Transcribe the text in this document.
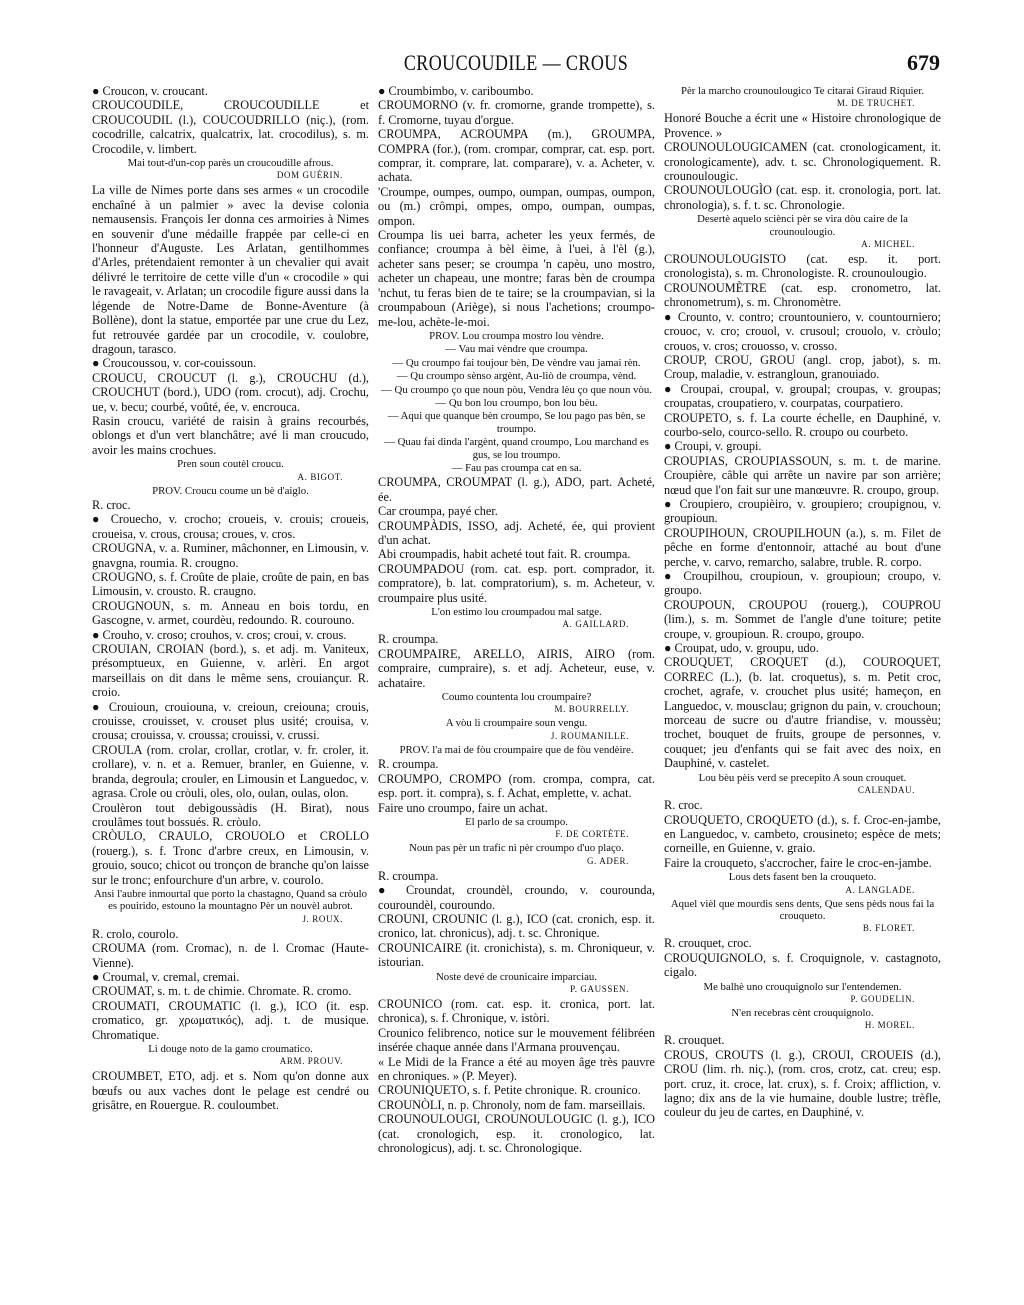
CROUCOUDILE — CROUS	679

● Croucon, v. croucant.

CROUCOUDILE, CROUCOUDILLE et CROUCOUDIL (l.), COUCOUDRILLO (niç.), (rom. cocodrille, calcatrix, qualcatrix, lat. crocodilus), s. m. Crocodile, v. limbert.

Mai tout-d'un-cop parès un croucoudille afrous.

DOM GUÉRIN.

La ville de Nimes porte dans ses armes « un crocodile enchaîné à un palmier » avec la devise colonia nemausensis. François Ier donna ces armoiries à Nimes en souvenir d'une médaille frappée par celle-ci en l'honneur d'Auguste. Les Arlatan, gentilhommes d'Arles, prétendaient remonter à un chevalier qui avait délivré le territoire de cette ville d'un « crocodile » qui le ravageait, v. Arlatan; un crocodile figure aussi dans la légende de Notre-Dame de Bonne-Aventure (à Bollène), dont la statue, emportée par une crue du Lez, fut retrouvée gardée par un crocodile, v. coulobre, dragoun, tarasco.

● Croucoussou, v. cor-couissoun.

CROUCU, CROUCUT (l. g.), CROUCHU (d.), CROUCHUT (bord.), UDO (rom. crocut), adj. Crochu, ue, v. becu; courbé, voûté, ée, v. encrouca.

Rasin croucu, variété de raisin à grains recourbés, oblongs et d'un vert blanchâtre; avé li man croucudo, avoir les mains crochues.

Pren soun coutèl croucu.

A. BIGOT.

PROV. Croucu coume un bè d'aiglo.

R. croc.

● Crouecho, v. crocho; croueis, v. crouis; croueis, croueisa, v. crous, crousa; croues, v. cros.

CROUGNA, v. a. Ruminer, mâchonner, en Limousin, v. gnavgna, roumia. R. crougno.

CROUGNO, s. f. Croûte de plaie, croûte de pain, en bas Limousin, v. crousto. R. craugno.

CROUGNOUN, s. m. Anneau en bois tordu, en Gascogne, v. armet, courdèu, redoundo. R. courouno.

● Crouho, v. croso; crouhos, v. cros; croui, v. crous.

CROUIAN, CROIAN (bord.), s. et adj. m. Vaniteux, présomptueux, en Guienne, v. arlèri. En argot marseillais on dit dans le même sens, crouiançur. R. croio.

● Crouioun, crouiouna, v. creioun, creiouna; crouis, crouisse, crouisset, v. crouset plus usité; crouisa, v. crousa; crouissa, v. croussa; crouissi, v. crussi.

CROULA (rom. crolar, crollar, crotlar, v. fr. croler, it. crollare), v. n. et a. Remuer, branler, en Guienne, v. branda, degroula; crouler, en Limousin et Languedoc, v. agrasa. Crole ou cròuli, oles, olo, oulan, oulas, olon.

Croulèron tout debigoussàdis (H. Birat), nous croulâmes tout bossués. R. cròulo.

CRÒULO, CRAULO, CROUOLO et CROLLO (rouerg.), s. f. Tronc d'arbre creux, en Limousin, v. grouio, souco; chicot ou tronçon de branche qu'on laisse sur le tronc; enfourchure d'un arbre, v. courolo.

Ansi l'aubre inmourtal que porto la chastagno, Quand sa cròulo es pouirido, estouno la mountagno Pèr un nouvèl aubrot.

J. ROUX.

R. crolo, courolo.

CROUMA (rom. Cromac), n. de l. Cromac (Haute-Vienne).

● Croumal, v. cremal, cremai.

CROUMAT, s. m. t. de chimie. Chromate. R. cromo.

CROUMATI, CROUMATIC (l. g.), ICO (it. esp. cromatico, gr. χρωματικός), adj. t. de musique. Chromatique.

Li douge noto de la gamo croumatico.

ARM. PROUV.

CROUMBET, ETO, adj. et s. Nom qu'on donne aux bœufs ou aux vaches dont le pelage est cendré ou grisâtre, en Rouergue. R. couloumbet.

● Croumbimbo, v. cariboumbo.

CROUMORNO (v. fr. cromorne, grande trompette), s. f. Cromorne, tuyau d'orgue.

CROUMPA, ACROUMPA (m.), GROUMPA, COMPRA (for.), (rom. crompar, comprar, cat. esp. port. comprar, it. comprare, lat. comparare), v. a. Acheter, v. achata.

'Croumpe, oumpes, oumpo, oumpan, oumpas, oumpon, ou (m.) crômpi, ompes, ompo, oumpan, oumpas, ompon.

Croumpa lis uei barra, acheter les yeux fermés, de confiance; croumpa à bèl èime, à l'uei, à l'èl (g.), acheter sans peser; se croumpa 'n capèu, uno mostro, acheter un chapeau, une montre; faras bèn de croumpa 'nchut, tu feras bien de te taire; se la croumpavian, si la croumpaboun (Ariège), si nous l'achetions; croumpo-me-lou, achète-le-moi.

PROV. Lou croumpa mostro lou vèndre.

— Vau mai vèndre que croumpa.

— Qu croumpo fai toujour bèn, De vèndre vau jamai rèn.

— Qu croumpo sènso argènt, Au-liò de croumpa, vènd.

— Qu croumpo ço que noun pòu, Vendra lèu ço que noun vòu.

— Qu bon lou croumpo, bon lou bèu.

— Aqui que quanque bèn croumpo, Se lou pago pas bèn, se troumpo.

— Quau fai dinda l'argènt, quand croumpo, Lou marchand es gus, se lou troumpo.

— Fau pas croumpa cat en sa.

CROUMPA, CROUMPAT (l. g.), ADO, part. Acheté, ée.

Car croumpa, payé cher.

CROUMPÀDIS, ISSO, adj. Acheté, ée, qui provient d'un achat.

Abi croumpadis, habit acheté tout fait. R. croumpa.

CROUMPADOU (rom. cat. esp. port. comprador, it. compratore), b. lat. compratorium), s. m. Acheteur, v. croumpaire plus usité.

L'on estimo lou croumpadou mal satge.

A. GAILLARD.

R. croumpa.

CROUMPAIRE, ARELLO, AIRIS, AIRO (rom. compraire, cumpraire), s. et adj. Acheteur, euse, v. achataire.

Coumo countenta lou croumpaire?

M. BOURRELLY.

A vòu li croumpaire soun vengu.

J. ROUMANILLE.

PROV. l'a mai de fòu croumpaire que de fòu vendèire.

R. croumpa.

CROUMPO, CROMPO (rom. crompa, compra, cat. esp. port. it. compra), s. f. Achat, emplette, v. achat.

Faire uno croumpo, faire un achat.

El parlo de sa croumpo.

F. DE CORTÈTE.

Noun pas pèr un trafic ni pèr croumpo d'uo plaço.

G. ADER.

R. croumpa.

● Croundat, croundèl, croundo, v. courounda, couroundèl, couroundo.

CROUNI, CROUNIC (l. g.), ICO (cat. cronich, esp. it. cronico, lat. chronicus), adj. t. sc. Chronique.

CROUNICAIRE (it. cronichista), s. m. Chroniqueur, v. istourian.

Noste devé de crounicaire imparciau.

P. GAUSSEN.

CROUNICO (rom. cat. esp. it. cronica, port. lat. chronica), s. f. Chronique, v. istòri.

Crounico felibrenco, notice sur le mouvement félibréen insérée chaque année dans l'Armana prouvençau.

« Le Midi de la France a été au moyen âge très pauvre en chroniques. » (P. Meyer).

CROUNIQUETO, s. f. Petite chronique. R. crounico.

CROUNÒLI, n. p. Chronoly, nom de fam. marseillais.

CROUNOULOUGI, CROUNOULOUGIC (l. g.), ICO (cat. cronologich, esp. it. cronologico, lat. chronologicus), adj. t. sc. Chronologique.

Pèr la marcho crounoulougico Te citarai Giraud Riquier.

M. DE TRUCHET.

Honoré Bouche a écrit une « Histoire chronologique de Provence. »

CROUNOULOUGICAMEN (cat. cronologicament, it. cronologicamente), adv. t. sc. Chronologiquement. R. crounoulougic.

CROUNOULOUGÌO (cat. esp. it. cronologia, port. lat. chronologia), s. f. t. sc. Chronologie.

Desertè aquelo sciènci pèr se vira dòu caire de la crounoulougìo.

A. MICHEL.

CROUNOULOUGISTO (cat. esp. it. port. cronologista), s. m. Chronologiste. R. crounoulougìo.

CROUNOUMÈTRE (cat. esp. cronometro, lat. chronometrum), s. m. Chronomètre.

● Crounto, v. contro; crountouniero, v. countourniero; crouoc, v. cro; crouol, v. crusoul; crouolo, v. cròulo; crouos, v. cros; crouosso, v. crosso.

CROUP, CROU, GROU (angl. crop, jabot), s. m. Croup, maladie, v. estrangloun, granouiado.

● Croupai, croupal, v. groupal; croupas, v. groupas; croupatas, croupatiero, v. courpatas, courpatiero.

CROUPETO, s. f. La courte échelle, en Dauphiné, v. courbo-selo, courco-sello. R. croupo ou courbeto.

● Croupi, v. groupi.

CROUPIAS, CROUPIASSOUN, s. m. t. de marine. Croupière, câble qui arrête un navire par son arrière; nœud que l'on fait sur une manœuvre. R. croupo, group.

● Croupiero, croupièiro, v. groupiero; croupignou, v. groupioun.

CROUPIHOUN, CROUPILHOUN (a.), s. m. Filet de pêche en forme d'entonnoir, attaché au bout d'une perche, v. carvo, remarcho, salabre, truble. R. corpo.

● Croupilhou, croupioun, v. groupioun; croupo, v. groupo.

CROUPOUN, CROUPOU (rouerg.), COUPROU (lim.), s. m. Sommet de l'angle d'une toiture; petite croupe, v. groupioun. R. croupo, groupo.

● Croupat, udo, v. groupu, udo.

CROUQUET, CROQUET (d.), COUROQUET, CORREC (L.), (b. lat. croquetus), s. m. Petit croc, crochet, agrafe, v. crouchet plus usité; hameçon, en Languedoc, v. mousclau; grignon du pain, v. crouchoun; morceau de sucre ou d'autre friandise, v. moussèu; trochet, bouquet de fruits, groupe de personnes, v. couquet; jeu d'enfants qui se fait avec des noix, en Dauphiné, v. castelet.

Lou bèu pèis verd se precepito A soun crouquet.

CALENDAU.

R. croc.

CROUQUETO, CROQUETO (d.), s. f. Croc-en-jambe, en Languedoc, v. cambeto, crousineto; espèce de mets; corneille, en Guienne, v. graio.

Faire la crouqueto, s'accrocher, faire le croc-en-jambe.

Lous dets fasent ben la crouqueto.

A. LANGLADE.

Aquel vièl que mourdis sens dents, Que sens pèds nous fai la crouqueto.

B. FLORET.

R. crouquet, croc.

CROUQUIGNOLO, s. f. Croquignole, v. castagnoto, cigalo.

Me balhè uno crouquignolo sur l'entendemen.

P. GOUDELIN.

N'en recebras cènt crouquignolo.

H. MOREL.

R. crouquet.

CROUS, CROUTS (l. g.), CROUI, CROUEIS (d.), CROU (lim. rh. niç.), (rom. cros, crotz, cat. creu; esp. port. cruz, it. croce, lat. crux), s. f. Croix; affliction, v. lagno; dix ans de la vie humaine, double lustre; trèfle, couleur du jeu de cartes, en Dauphiné, v.
